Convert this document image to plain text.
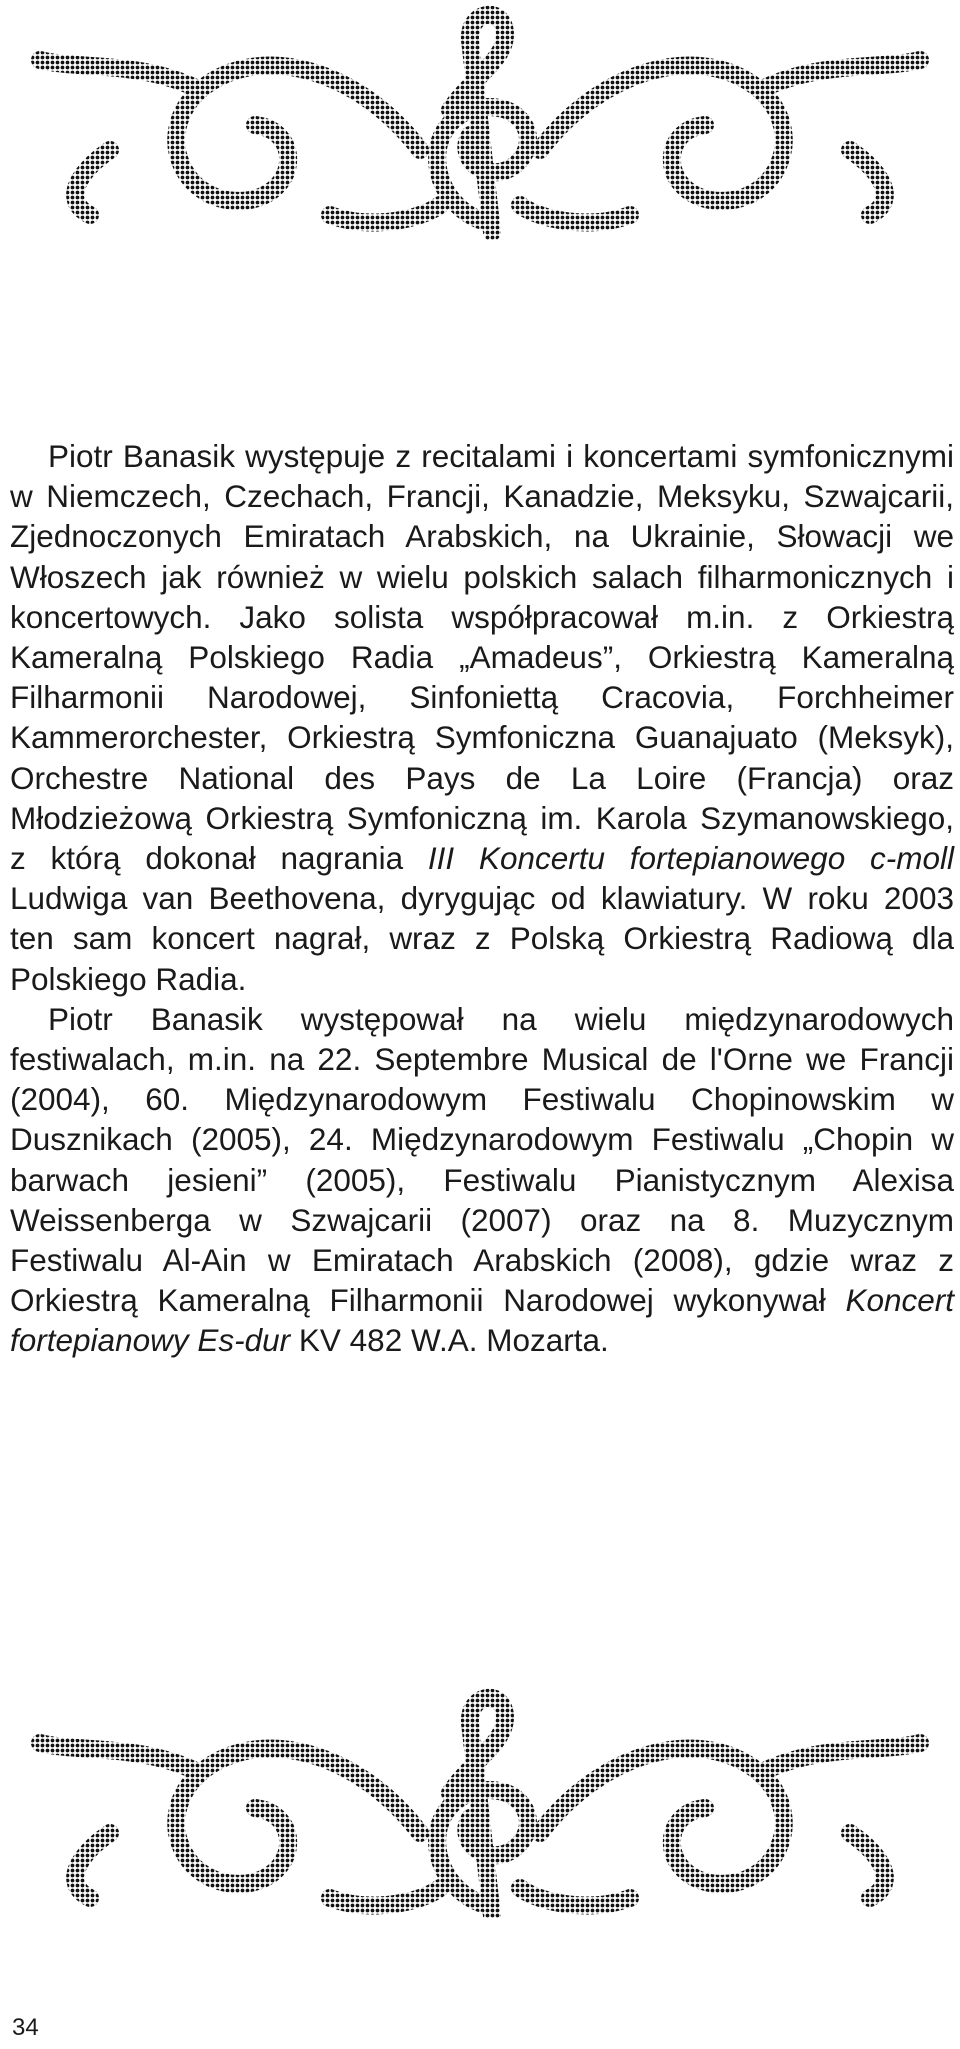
Piotr Banasik występuje z recitalami i koncertami symfonicznymi w Niemczech, Czechach, Francji, Kanadzie, Meksyku, Szwajcarii, Zjednoczonych Emiratach Arabskich, na Ukrainie, Słowacji we Włoszech jak również w wielu polskich salach filharmonicznych i koncertowych. Jako solista współpracował m.in. z Orkiestrą Kameralną Polskiego Radia „Amadeus”, Orkiestrą Kameralną Filharmonii Narodowej, Sinfoniettą Cracovia, Forchheimer Kammerorchester, Orkiestrą Symfoniczna Guanajuato (Meksyk), Orchestre National des Pays de La Loire (Francja) oraz Młodzieżową Orkiestrą Symfoniczną im. Karola Szymanowskiego, z którą dokonał nagrania III Koncertu fortepianowego c-moll Ludwiga van Beethovena, dyrygując od klawiatury. W roku 2003 ten sam koncert nagrał, wraz z Polską Orkiestrą Radiową dla Polskiego Radia.

Piotr Banasik występował na wielu międzynarodowych festiwalach, m.in. na 22. Septembre Musical de l'Orne we Francji (2004), 60. Międzynarodowym Festiwalu Chopinowskim w Dusznikach (2005), 24. Międzynarodowym Festiwalu „Chopin w barwach jesieni” (2005), Festiwalu Pianistycznym Alexisa Weissenberga w Szwajcarii (2007) oraz na 8. Muzycznym Festiwalu Al-Ain w Emiratach Arabskich (2008), gdzie wraz z Orkiestrą Kameralną Filharmonii Narodowej wykonywał Koncert fortepianowy Es-dur KV 482 W.A. Mozarta.

34
